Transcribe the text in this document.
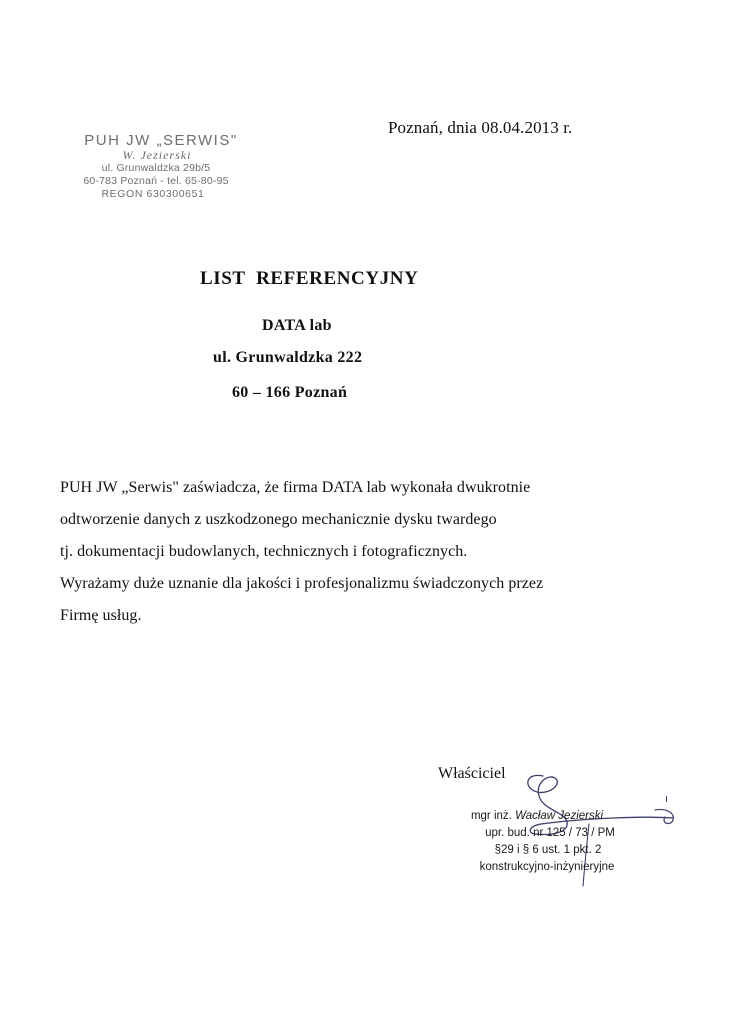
Poznań, dnia 08.04.2013 r.
PUH JW „SERWIS"
W. Jezierski
ul. Grunwaldzka 29b/5
60-783 Poznań - tel. 65-80-95
REGON 630300651
LIST  REFERENCYJNY
DATA lab
ul. Grunwaldzka 222
60 – 166 Poznań
PUH JW „Serwis" zaświadcza, że firma DATA lab wykonała dwukrotnie
odtworzenie danych z uszkodzonego mechanicznie dysku twardego
tj. dokumentacji budowlanych, technicznych i fotograficznych.
Wyrażamy duże uznanie dla jakości i profesjonalizmu świadczonych przez
Firmę usług.
Właściciel
mgr inż. Wacław Jezierski
upr. bud. nr 125 / 73 / PM
§29 i § 6 ust. 1 pkt. 2
konstrukcyjno-inżynieryjne
